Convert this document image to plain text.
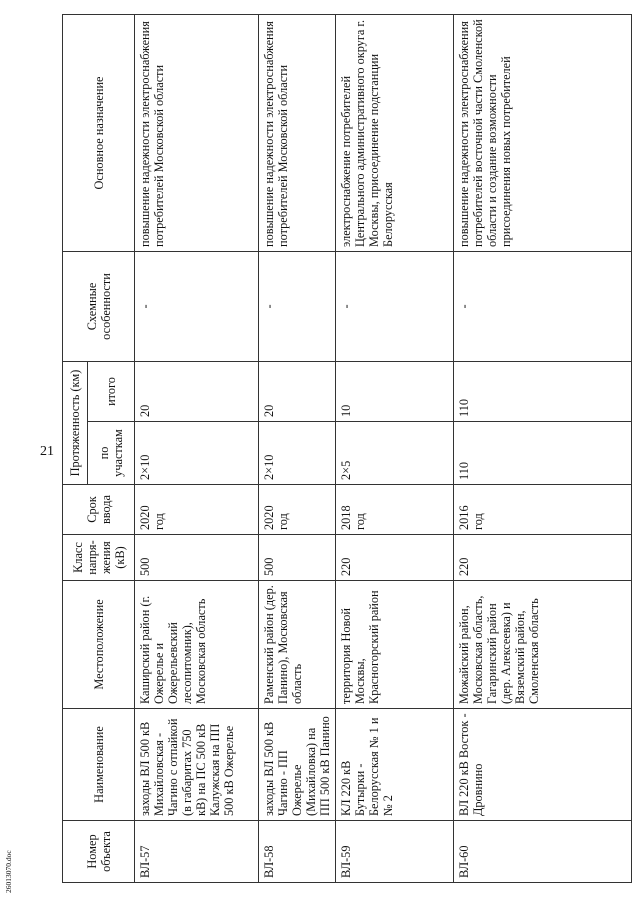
21
26013070.doc	Номер объекта	Наименование	Местоположение	Класс напря-жения (кВ)	Срок ввода	Протяженность (км)		Схемные особенности	Основное назначение
					по участкам	итого		
ВЛ-57	заходы ВЛ 500 кВ Михайловская - Чагино с отпайкой (в габаритах 750 кВ) на ПС 500 кВ Калужская на ПП 500 кВ Ожерелье	Каширский район (г. Ожерелье и Ожерельевский лесопитомник), Московская область	500	2020 год	2×10	20	-	повышение надежности электроснабжения потребителей Московской области
ВЛ-58	заходы ВЛ 500 кВ Чагино - ПП Ожерелье (Михайловка) на ПП 500 кВ Панино	Раменский район (дер. Панино), Московская область	500	2020 год	2×10	20	-	повышение надежности электроснабжения потребителей Московской области
ВЛ-59	КЛ 220 кВ Бутырки - Белорусская № 1 и № 2	территория Новой Москвы, Красногорский район	220	2018 год	2×5	10	-	электроснабжение потребителей Центрального административного округа г. Москвы, присоединение подстанции Белорусская
ВЛ-60	ВЛ 220 кВ Восток - Дровнино	Можайский район, Московская область, Гагаринский район (дер. Алексеевка) и Вяземский район, Смоленская область	220	2016 год	110	110	-	повышение надежности электроснабжения потребителей восточной части Смоленской области и создание возможности присоединения новых потребителей
